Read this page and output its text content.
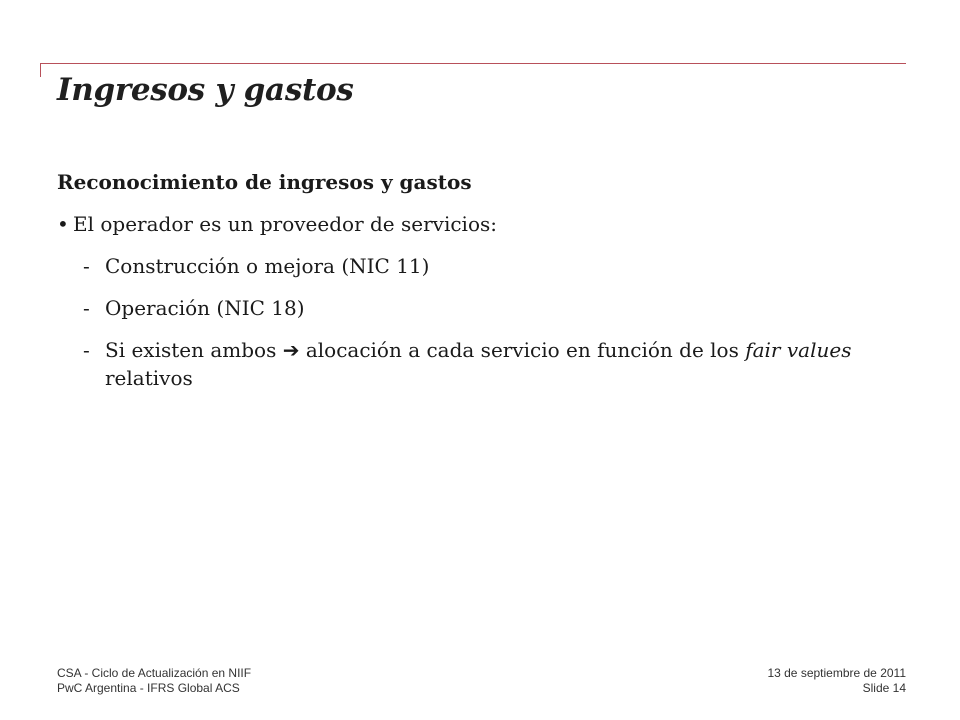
Ingresos y gastos
Reconocimiento de ingresos y gastos
• El operador es un proveedor de servicios:
- Construcción o mejora (NIC 11)
- Operación (NIC 18)
- Si existen ambos ➔ alocación a cada servicio en función de los fair values relativos
CSA - Ciclo de Actualización en NIIF
PwC Argentina - IFRS Global ACS
13 de septiembre de 2011
Slide 14
